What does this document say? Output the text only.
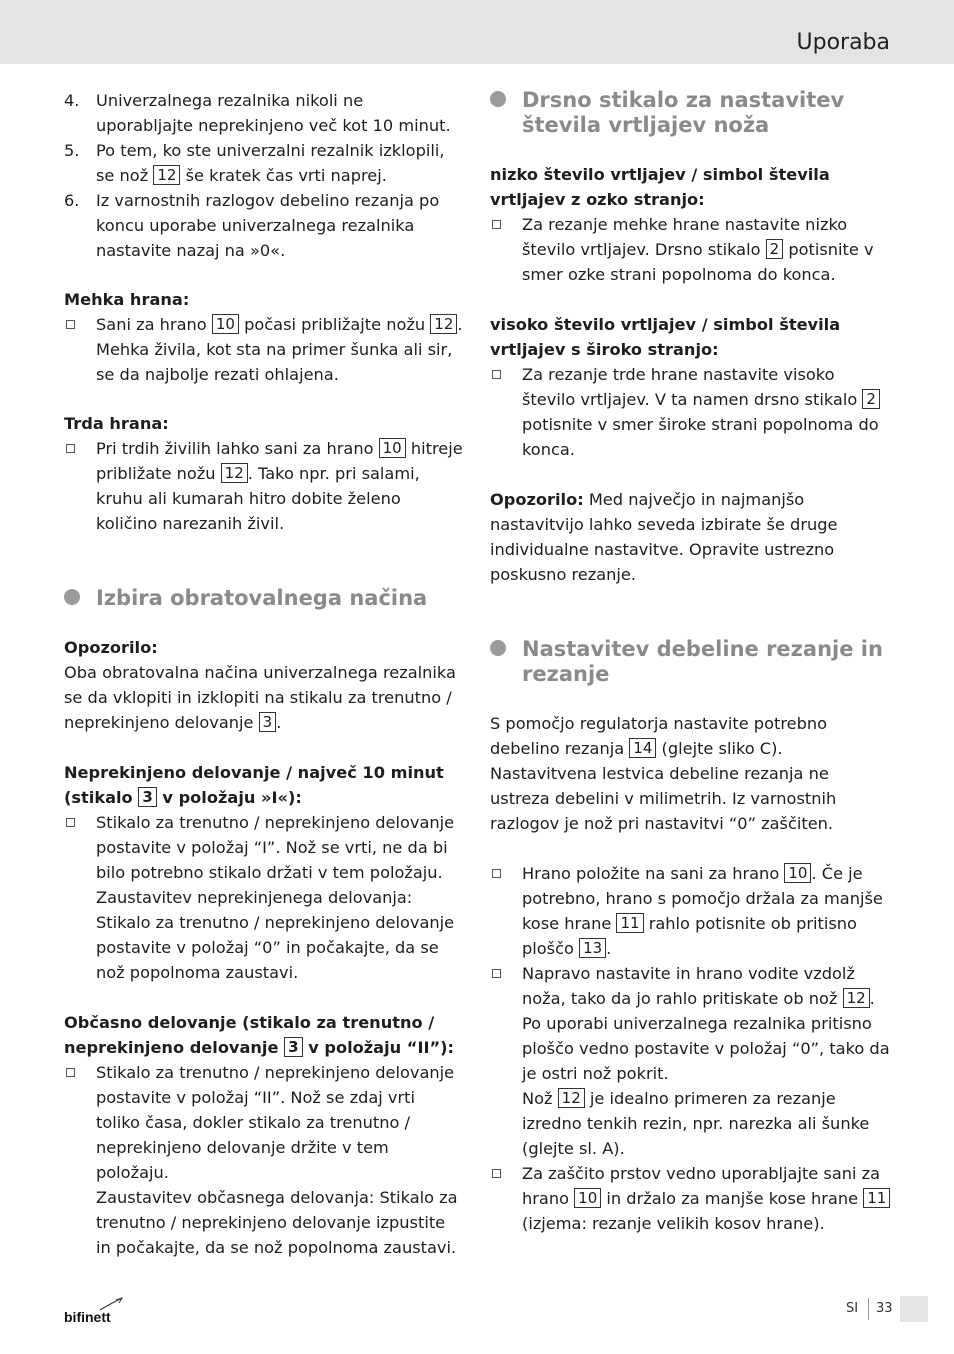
Uporaba
4. Univerzalnega rezalnika nikoli ne uporabljajte neprekinjeno več kot 10 minut.
5. Po tem, ko ste univerzalni rezalnik izklopili, se nož 12 še kratek čas vrti naprej.
6. Iz varnostnih razlogov debelino rezanja po koncu uporabe univerzalnega rezalnika nastavite nazaj na »0«.

Mehka hrana:

Sani za hrano 10 počasi približajte nožu 12 . Mehka živila, kot sta na primer šunka ali sir, se da najbolje rezati ohlajena.

Trda hrana:

Pri trdih živilih lahko sani za hrano 10 hitreje približate nožu 12 . Tako npr. pri salami, kruhu ali kumarah hitro dobite želeno količino narezanih živil.
Izbira obratovalnega načina

Opozorilo:

Oba obratovalna načina univerzalnega rezalnika se da vklopiti in izklopiti na stikalu za trenutno / neprekinjeno delovanje 3 .

Neprekinjeno delovanje / največ 10 minut (stikalo 3 v položaju »I«):

Stikalo za trenutno / neprekinjeno delovanje postavite v položaj “I”. Nož se vrti, ne da bi bilo potrebno stikalo držati v tem položaju.
Zaustavitev neprekinjenega delovanja: Stikalo za trenutno / neprekinjeno delovanje postavite v položaj “0” in počakajte, da se nož popolnoma zaustavi.

Občasno delovanje (stikalo za trenutno / neprekinjeno delovanje 3 v položaju “II”):

Stikalo za trenutno / neprekinjeno delovanje postavite v položaj “II”. Nož se zdaj vrti toliko časa, dokler stikalo za trenutno / neprekinjeno delovanje držite v tem položaju.
Zaustavitev občasnega delovanja: Stikalo za trenutno / neprekinjeno delovanje izpustite in počakajte, da se nož popolnoma zaustavi.
Drsno stikalo za nastavitev števila vrtljajev noža

nizko število vrtljajev / simbol števila vrtljajev z ozko stranjo:

Za rezanje mehke hrane nastavite nizko število vrtljajev. Drsno stikalo 2 potisnite v smer ozke strani popolnoma do konca.

visoko število vrtljajev / simbol števila vrtljajev s široko stranjo:

Za rezanje trde hrane nastavite visoko število vrtljajev. V ta namen drsno stikalo 2 potisnite v smer široke strani popolnoma do konca.

Opozorilo: Med največjo in najmanjšo nastavitvijo lahko seveda izbirate še druge individualne nastavitve. Opravite ustrezno poskusno rezanje.

Nastavitev debeline rezanje in rezanje

S pomočjo regulatorja nastavite potrebno debelino rezanja 14 (glejte sliko C). Nastavitvena lestvica debeline rezanja ne ustreza debelini v milimetrih. Iz varnostnih razlogov je nož pri nastavitvi “0” zaščiten.

Hrano položite na sani za hrano 10 . Če je potrebno, hrano s pomočjo držala za manjše kose hrane 11 rahlo potisnite ob pritisno ploščo 13 .
Napravo nastavite in hrano vodite vzdolž noža, tako da jo rahlo pritiskate ob nož 12 . Po uporabi univerzalnega rezalnika pritisno ploščo vedno postavite v položaj “0”, tako da je ostri nož pokrit.
Nož 12 je idealno primeren za rezanje izredno tenkih rezin, npr. narezka ali šunke (glejte sl. A).
Za zaščito prstov vedno uporabljajte sani za hrano 10 in držalo za manjše kose hrane 11 (izjema: rezanje velikih kosov hrane).
bifinett
SI 33
